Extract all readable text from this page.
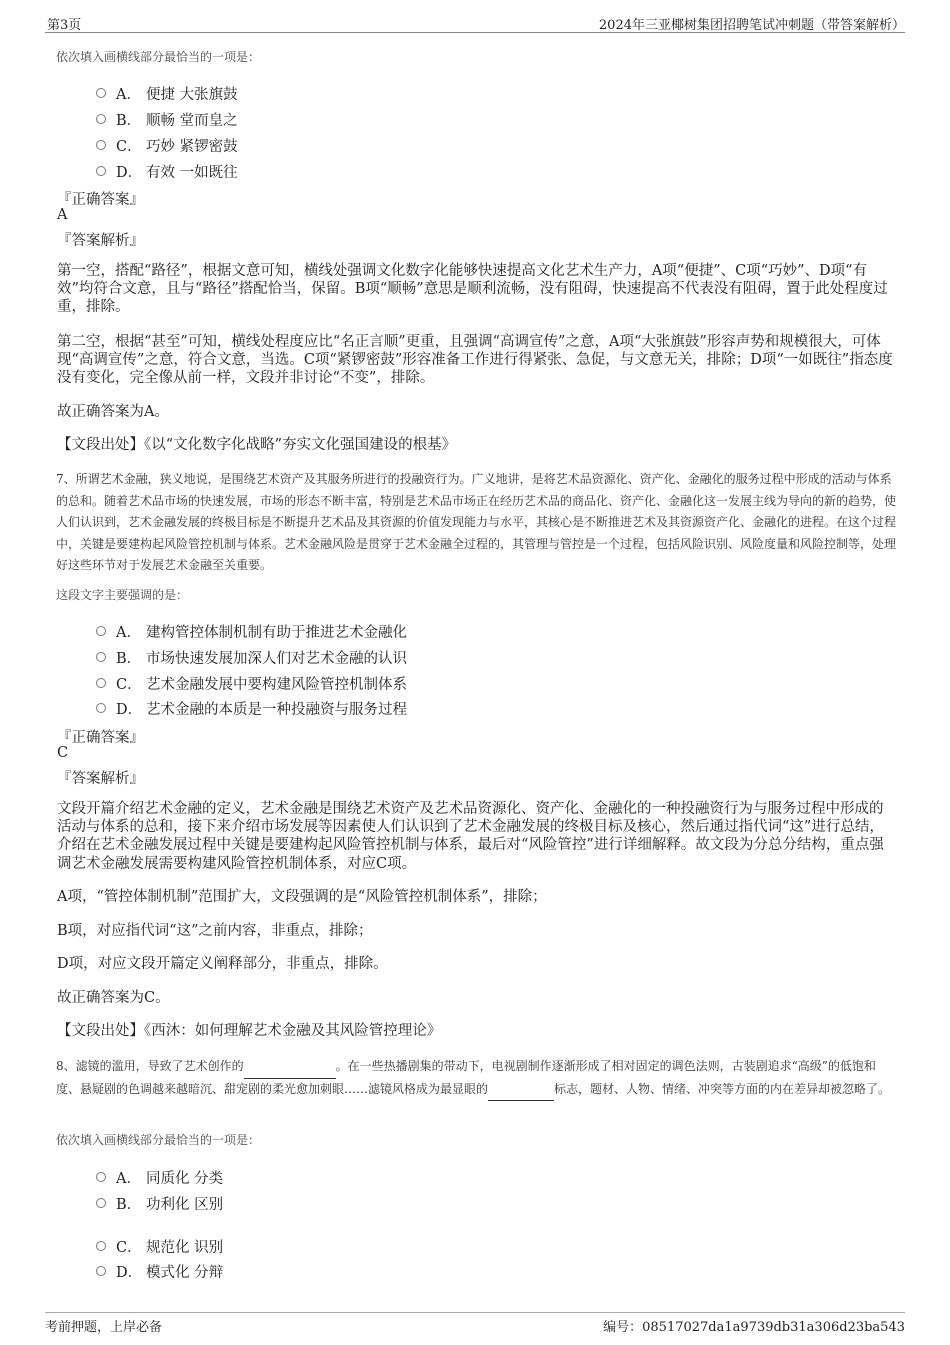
第3页	2024年三亚椰树集团招聘笔试冲刺题（带答案解析）
依次填入画横线部分最恰当的一项是：
A． 便捷 大张旗鼓
B． 顺畅 堂而皇之
C． 巧妙 紧锣密鼓
D． 有效 一如既往
『正确答案』
A
『答案解析』
第一空，搭配“路径”，根据文意可知，横线处强调文化数字化能够快速提高文化艺术生产力，A项“便捷”、C项“巧妙”、D项“有效”均符合文意，且与“路径”搭配恰当，保留。B项“顺畅”意思是顺利流畅，没有阻碍，快速提高不代表没有阻碍，置于此处程度过重，排除。
第二空，根据“甚至”可知，横线处程度应比“名正言顺”更重，且强调“高调宣传”之意，A项“大张旗鼓”形容声势和规模很大，可体现“高调宣传”之意，符合文意，当选。C项“紧锣密鼓”形容准备工作进行得紧张、急促，与文意无关，排除；D项“一如既往”指态度没有变化，完全像从前一样，文段并非讨论“不变”，排除。
故正确答案为A。
【文段出处】《以“文化数字化战略”夯实文化强国建设的根基》
7、所谓艺术金融，狭义地说，是围绕艺术资产及其服务所进行的投融资行为。广义地讲，是将艺术品资源化、资产化、金融化的服务过程中形成的活动与体系的总和。随着艺术品市场的快速发展，市场的形态不断丰富，特别是艺术品市场正在经历艺术品的商品化、资产化、金融化这一发展主线为导向的新的趋势，使人们认识到，艺术金融发展的终极目标是不断提升艺术品及其资源的价值发现能力与水平，其核心是不断推进艺术及其资源资产化、金融化的进程。在这个过程中，关键是要建构起风险管控机制与体系。艺术金融风险是贯穿于艺术金融全过程的，其管理与管控是一个过程，包括风险识别、风险度量和风险控制等，处理好这些环节对于发展艺术金融至关重要。
这段文字主要强调的是：
A． 建构管控体制机制有助于推进艺术金融化
B． 市场快速发展加深人们对艺术金融的认识
C． 艺术金融发展中要构建风险管控机制体系
D． 艺术金融的本质是一种投融资与服务过程
『正确答案』
C
『答案解析』
文段开篇介绍艺术金融的定义，艺术金融是围绕艺术资产及艺术品资源化、资产化、金融化的一种投融资行为与服务过程中形成的活动与体系的总和，接下来介绍市场发展等因素使人们认识到了艺术金融发展的终极目标及核心，然后通过指代词“这”进行总结，介绍在艺术金融发展过程中关键是要建构起风险管控机制与体系，最后对“风险管控”进行详细解释。故文段为分总分结构，重点强调艺术金融发展需要构建风险管控机制体系，对应C项。
A项，“管控体制机制”范围扩大，文段强调的是“风险管控机制体系”，排除；
B项，对应指代词“这”之前内容，非重点，排除；
D项，对应文段开篇定义阐释部分，非重点，排除。
故正确答案为C。
【文段出处】《西沐：如何理解艺术金融及其风险管控理论》
8、滤镜的滥用，导致了艺术创作的	。在一些热播剧集的带动下，电视剧制作逐渐形成了相对固定的调色法则，古装剧追求“高级”的低饱和度、悬疑剧的色调越来越暗沉、甜宠剧的柔光愈加刺眼……滤镜风格成为最显眼的	标志，题材、人物、情绪、冲突等方面的内在差异却被忽略了。
依次填入画横线部分最恰当的一项是：
A． 同质化 分类
B． 功利化 区别
C． 规范化 识别
D． 模式化 分辩
考前押题，上岸必备	编号：08517027da1a9739db31a306d23ba543
